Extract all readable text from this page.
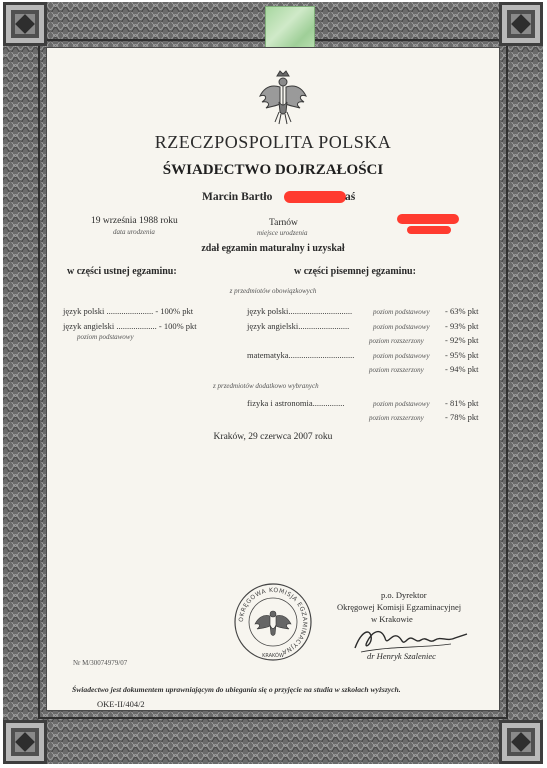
RZECZPOSPOLITA POLSKA
ŚWIADECTWO DOJRZAŁOŚCI
Marcin Bartło	aś
19 września 1988 roku
data urodzenia
Tarnów
miejsce urodzenia
zdał egzamin maturalny i uzyskał
w części ustnej egzaminu:	w części pisemnej egzaminu:
z przedmiotów obowiązkowych
język polski ...................... - 100% pkt
język angielski ................... - 100% pkt
poziom podstawowy
język polski..............................	poziom podstawowy - 63% pkt
język angielski........................	poziom podstawowy - 93% pkt
poziom rozszerzony - 92% pkt
matematyka...............................	poziom podstawowy - 95% pkt
poziom rozszerzony - 94% pkt
z przedmiotów dodatkowo wybranych
fizyka i astronomia...............	poziom podstawowy - 81% pkt
poziom rozszerzony - 78% pkt
Kraków, 29 czerwca 2007 roku
OKRĘGOWA KOMISJA EGZAMINACYJNA
KRAKÓW
p.o. Dyrektor
Okręgowej Komisji Egzaminacyjnej
w Krakowie
dr Henryk Szaleniec
Nr M/30074979/07
Świadectwo jest dokumentem uprawniającym do ubiegania się o przyjęcie na studia w szkołach wyższych.
OKE-II/404/2
